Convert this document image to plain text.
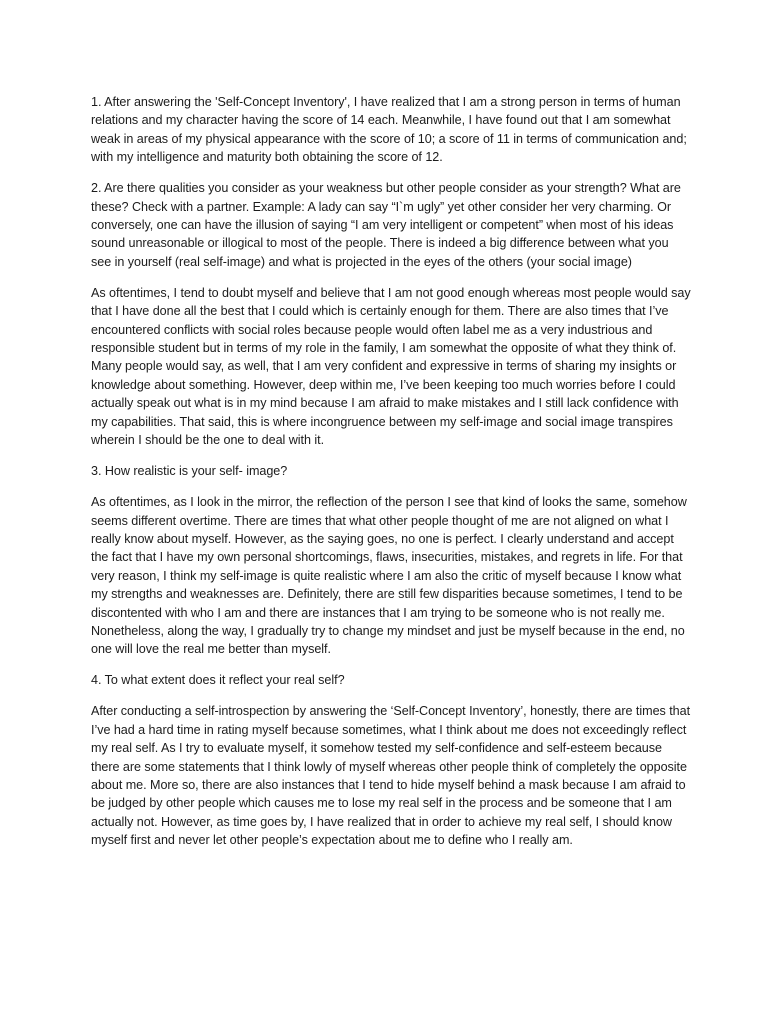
1. After answering the 'Self-Concept Inventory', I have realized that I am a strong person in terms of human relations and my character having the score of 14 each. Meanwhile, I have found out that I am somewhat weak in areas of my physical appearance with the score of 10; a score of 11 in terms of communication and; with my intelligence and maturity both obtaining the score of 12.

2. Are there qualities you consider as your weakness but other people consider as your strength? What are these? Check with a partner. Example: A lady can say “I`m ugly” yet other consider her very charming. Or conversely, one can have the illusion of saying “I am very intelligent or competent” when most of his ideas sound unreasonable or illogical to most of the people. There is indeed a big difference between what you see in yourself (real self-image) and what is projected in the eyes of the others (your social image)

As oftentimes, I tend to doubt myself and believe that I am not good enough whereas most people would say that I have done all the best that I could which is certainly enough for them. There are also times that I’ve encountered conflicts with social roles because people would often label me as a very industrious and responsible student but in terms of my role in the family, I am somewhat the opposite of what they think of. Many people would say, as well, that I am very confident and expressive in terms of sharing my insights or knowledge about something. However, deep within me, I’ve been keeping too much worries before I could actually speak out what is in my mind because I am afraid to make mistakes and I still lack confidence with my capabilities. That said, this is where incongruence between my self-image and social image transpires wherein I should be the one to deal with it.

3. How realistic is your self- image?

As oftentimes, as I look in the mirror, the reflection of the person I see that kind of looks the same, somehow seems different overtime. There are times that what other people thought of me are not aligned on what I really know about myself. However, as the saying goes, no one is perfect. I clearly understand and accept the fact that I have my own personal shortcomings, flaws, insecurities, mistakes, and regrets in life. For that very reason, I think my self-image is quite realistic where I am also the critic of myself because I know what my strengths and weaknesses are. Definitely, there are still few disparities because sometimes, I tend to be discontented with who I am and there are instances that I am trying to be someone who is not really me. Nonetheless, along the way, I gradually try to change my mindset and just be myself because in the end, no one will love the real me better than myself.

4. To what extent does it reflect your real self?

After conducting a self-introspection by answering the ‘Self-Concept Inventory’, honestly, there are times that I’ve had a hard time in rating myself because sometimes, what I think about me does not exceedingly reflect my real self. As I try to evaluate myself, it somehow tested my self-confidence and self-esteem because there are some statements that I think lowly of myself whereas other people think of completely the opposite about me. More so, there are also instances that I tend to hide myself behind a mask because I am afraid to be judged by other people which causes me to lose my real self in the process and be someone that I am actually not. However, as time goes by, I have realized that in order to achieve my real self, I should know myself first and never let other people’s expectation about me to define who I really am.
